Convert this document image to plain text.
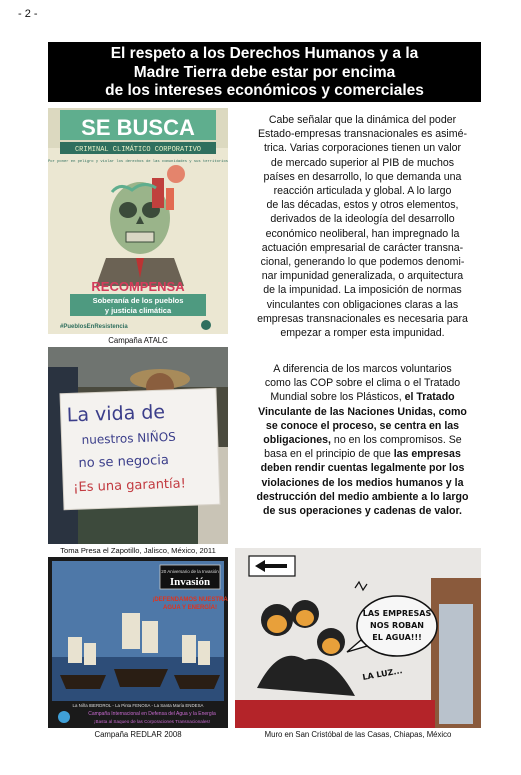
- 2 -
El respeto a los Derechos Humanos y a la
Madre Tierra debe estar por encima
de los intereses económicos y comerciales
SE BUSCA
CRIMINAL CLIMÁTICO CORPORATIVO
Por poner en peligro y violar los derechos de las comunidades y sus territorios
RECOMPENSA
Soberanía de los pueblos
y justicia climática
#PueblosEnResistencia
Campaña ATALC
Cabe señalar que la dinámica del poder
Estado-empresas transnacionales es asimé-
trica. Varias corporaciones tienen un valor
de mercado superior al PIB de muchos
países en desarrollo, lo que demanda una
reacción articulada y global. A lo largo
de las décadas, estos y otros elementos,
derivados de la ideología del desarrollo
económico neoliberal, han impregnado la
actuación empresarial de carácter transna-
cional, generando lo que podemos denomi-
nar impunidad generalizada, o arquitectura
de la impunidad. La imposición de normas
vinculantes con obligaciones claras a las
empresas transnacionales es necesaria para
empezar a romper esta impunidad.
La vida de
nuestros NIÑOS
no se negocia
¡Es una garantía!
Toma Presa el Zapotillo, Jalisco, México, 2011
A diferencia de los marcos voluntarios
como las COP sobre el clima o el Tratado
Mundial sobre los Plásticos, el Tratado
Vinculante de las Naciones Unidas, como
se conoce el proceso, se centra en las
obligaciones, no en los compromisos. Se
basa en el principio de que las empresas
deben rendir cuentas legalmente por los
violaciones de los medios humanos y la
destrucción del medio ambiente a lo largo
de sus operaciones y cadenas de valor.
20 Aniversario de la Invasión
Invasión
¡DEFENDAMOS NUESTRA
AGUA Y ENERGÍA!
La Niña IBERDROL - La Pinta FENOSA - La Santa María ENDESA
Campaña Internacional en Defensa del Agua y la Energía
¡Basta al Saqueo de las Corporaciones Transnacionales!
Campaña REDLAR 2008
LAS EMPRESAS
NOS ROBAN
EL AGUA!!!
LA LUZ...
Muro en San Cristóbal de las Casas, Chiapas, México
